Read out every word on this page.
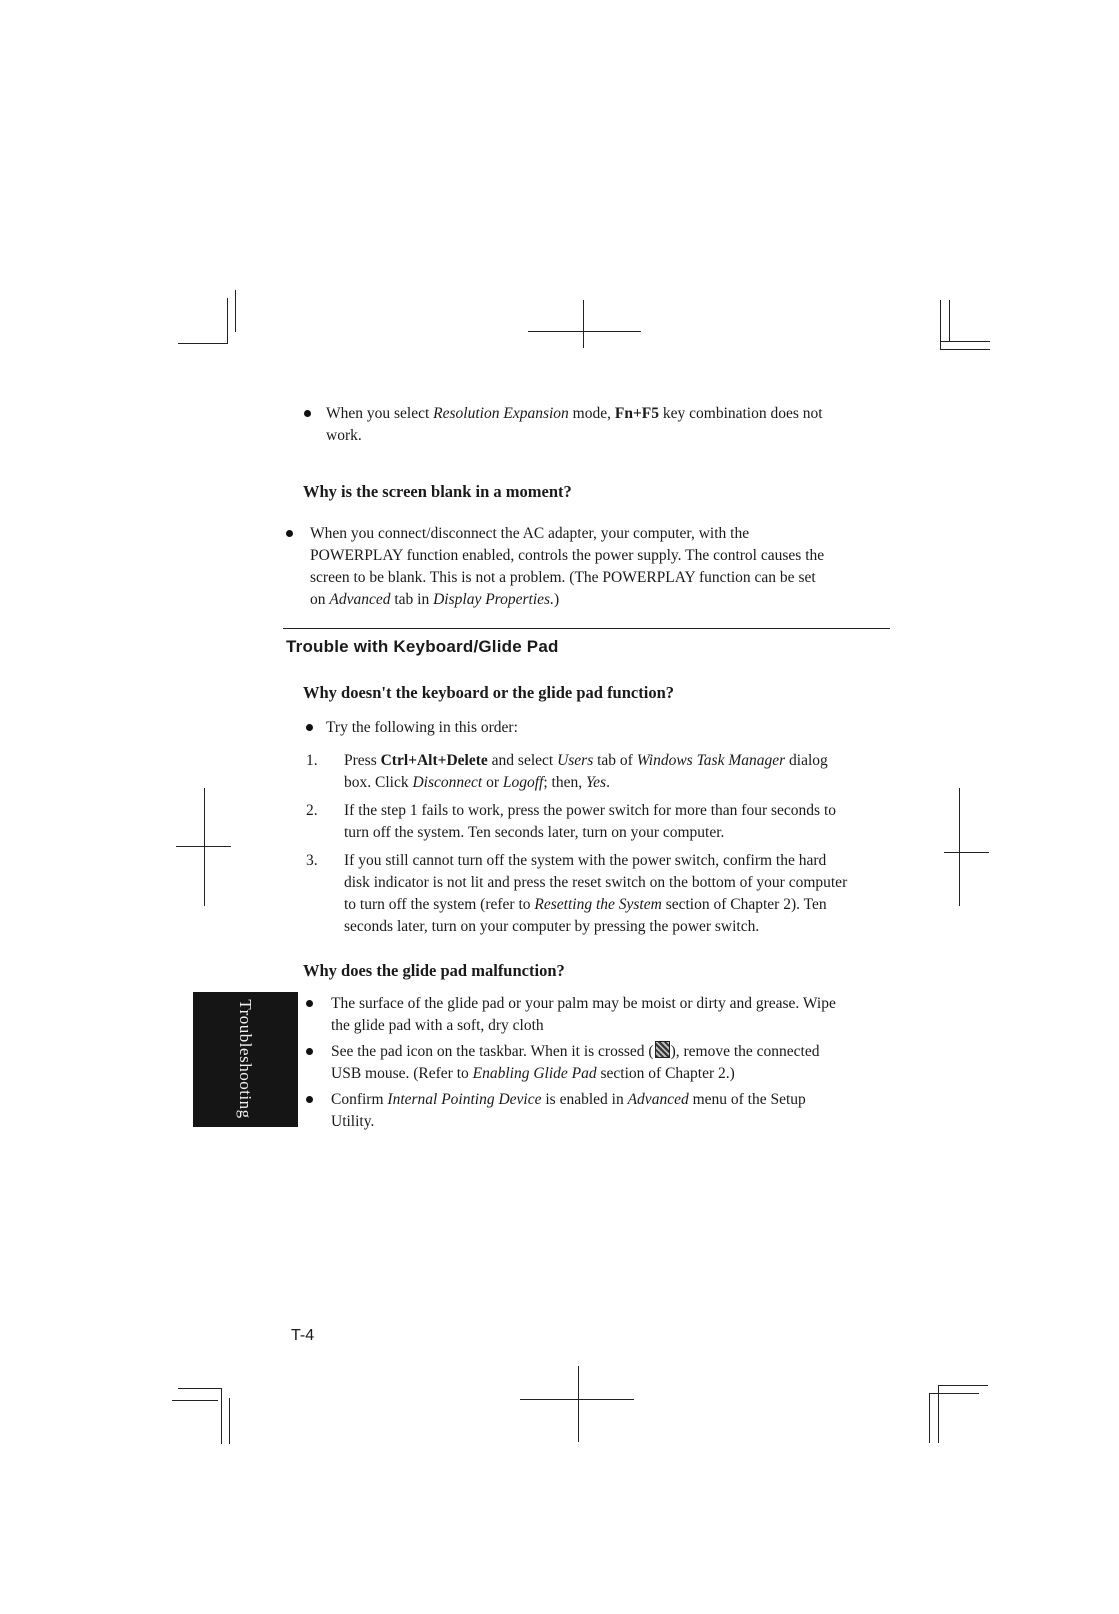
When you select Resolution Expansion mode, Fn+F5 key combination does not
work.
Why is the screen blank in a moment?
When you connect/disconnect the AC adapter, your computer, with the
POWERPLAY function enabled, controls the power supply. The control causes the
screen to be blank. This is not a problem. (The POWERPLAY function can be set
on Advanced tab in Display Properties.)
Trouble with Keyboard/Glide Pad
Why doesn't the keyboard or the glide pad function?
Try the following in this order:
1. Press Ctrl+Alt+Delete and select Users tab of Windows Task Manager dialog
box. Click Disconnect or Logoff; then, Yes.
2. If the step 1 fails to work, press the power switch for more than four seconds to
turn off the system. Ten seconds later, turn on your computer.
3. If you still cannot turn off the system with the power switch, confirm the hard
disk indicator is not lit and press the reset switch on the bottom of your computer
to turn off the system (refer to Resetting the System section of Chapter 2). Ten
seconds later, turn on your computer by pressing the power switch.
Why does the glide pad malfunction?
The surface of the glide pad or your palm may be moist or dirty and grease. Wipe
the glide pad with a soft, dry cloth
See the pad icon on the taskbar. When it is crossed ( ), remove the connected
USB mouse. (Refer to Enabling Glide Pad section of Chapter 2.)
Confirm Internal Pointing Device is enabled in Advanced menu of the Setup
Utility.
Troubleshooting
T-4
